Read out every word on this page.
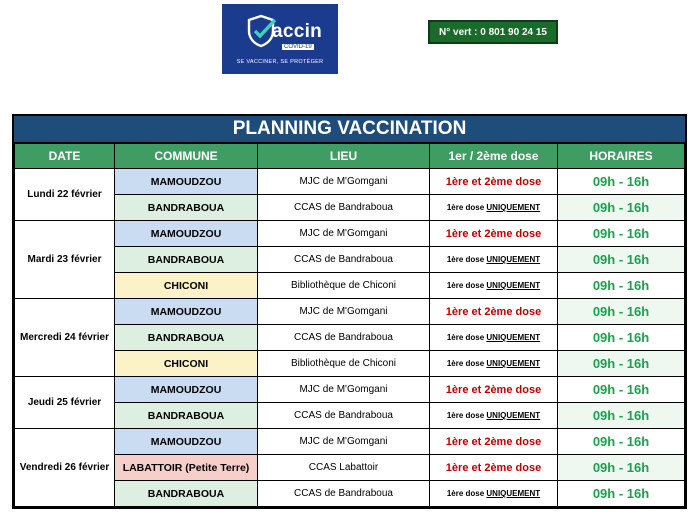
accin
COVID-19
SE VACCINER, SE PROTÉGER
N° vert : 0 801 90 24 15
PLANNING VACCINATION
DATE	COMMUNE	LIEU	1er / 2ème dose	HORAIRES
Lundi 22 février	MAMOUDZOU	MJC de M'Gomgani	1ère et 2ème dose	09h - 16h
	BANDRABOUA	CCAS de Bandraboua	1ère dose UNIQUEMENT	09h - 16h
Mardi 23 février	MAMOUDZOU	MJC de M'Gomgani	1ère et 2ème dose	09h - 16h
	BANDRABOUA	CCAS de Bandraboua	1ère dose UNIQUEMENT	09h - 16h
	CHICONI	Bibliothèque de Chiconi	1ère dose UNIQUEMENT	09h - 16h
Mercredi 24 février	MAMOUDZOU	MJC de M'Gomgani	1ère et 2ème dose	09h - 16h
	BANDRABOUA	CCAS de Bandraboua	1ère dose UNIQUEMENT	09h - 16h
	CHICONI	Bibliothèque de Chiconi	1ère dose UNIQUEMENT	09h - 16h
Jeudi 25 février	MAMOUDZOU	MJC de M'Gomgani	1ère et 2ème dose	09h - 16h
	BANDRABOUA	CCAS de Bandraboua	1ère dose UNIQUEMENT	09h - 16h
Vendredi 26 février	MAMOUDZOU	MJC de M'Gomgani	1ère et 2ème dose	09h - 16h
	LABATTOIR (Petite Terre)	CCAS Labattoir	1ère et 2ème dose	09h - 16h
	BANDRABOUA	CCAS de Bandraboua	1ère dose UNIQUEMENT	09h - 16h
